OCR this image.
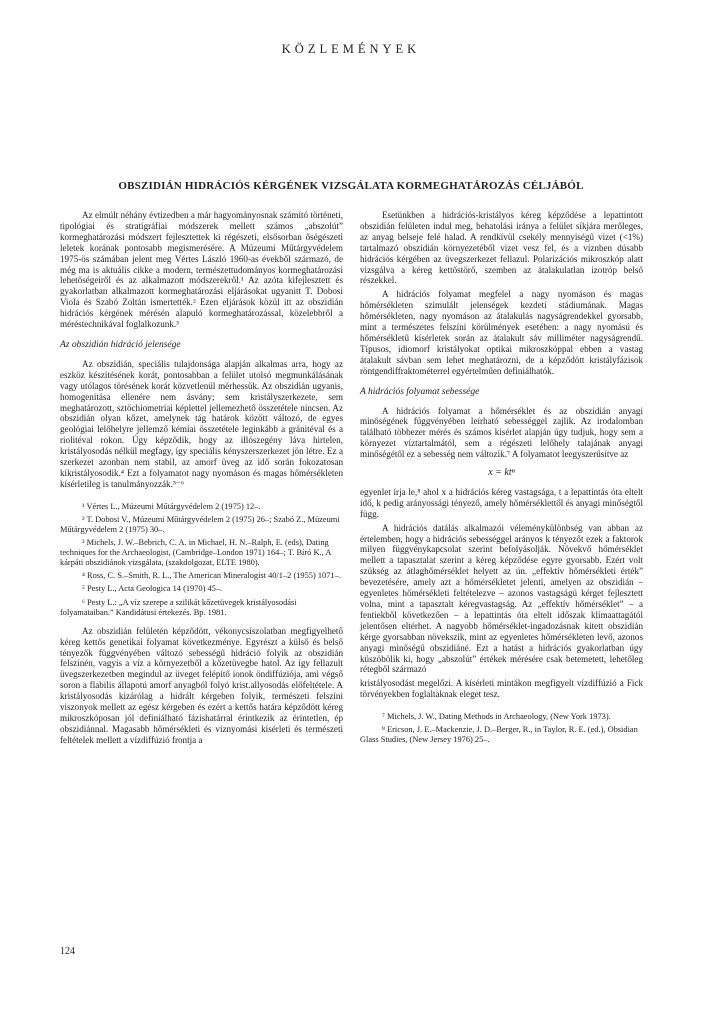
KÖZLEMÉNYEK
OBSZIDIÁN HIDRÁCIÓS KÉRGÉNEK VIZSGÁLATA KORMEGHATÁROZÁS CÉLJÁBÓL

Az elmúlt néhány évtizedben a már hagyományosnak számító történeti, tipológiai és stratigráfiai módszerek mellett számos „abszolút” kormeghatározási módszert fejlesztettek ki régészeti, elsősorban őségészeti leletek korának pontosabb megismerésére. A Múzeumi Műtárgyvédelem 1975-ös számában jelent meg Vértes László 1960-as évekből származó, de még ma is aktuális cikke a modern, természettudományos kormeghatározási lehetőségeiről és az alkalmazott módszerekről.¹ Az azóta kifejlesztett és gyakorlatban alkalmazott kormeghatározási eljárásokat ugyanitt T. Dobosi Viola és Szabó Zoltán ismertették.² Ezen eljárások közül itt az obszidián hidrációs kérgének mérésén alapuló kormeghatározással, közelebbről a méréstechnikával foglalkozunk.³

Az obszidián hidráció jelensége

Az obszidián, speciális tulajdonsága alapján alkalmas arra, hogy az eszköz készítésének korát, pontosabban a felület utolsó megmunkálásának vagy utólagos törésének korát közvetlenül mérhessük. Az obszidián ugyanis, homogenitása ellenére nem ásvány; sem kristályszerkezete, sem meghatározott, sztöchiometriai képlettel jellemezhető összetétele nincsen. Az obszidián olyan kőzet, amelynek tág határok között változó, de egyes geológiai lelőhelyre jellemző kémiai összetétele leginkább a gránitéval és a riolitéval rokon. Úgy képződik, hogy az illószegény láva hirtelen, kristályosodás nélkül megfagy, így speciális kényszerszerkezet jön létre. Ez a szerkezet azonban nem stabil, az amorf üveg az idő során fokozatosan kikristályosodik.⁴ Ezt a folyamatot nagy nyomáson és magas hőmérsékleten kísérletileg is tanulmányozzák.⁵⁻⁶

¹ Vértes L., Múzeumi Műtárgyvédelem 2 (1975) 12–.

² T. Dobosi V., Múzeumi Műtárgyvédelem 2 (1975) 26–; Szabó Z., Múzeumi Műtárgyvédelem 2 (1975) 30–.

³ Michels, J. W.–Bebrich, C. A. in Michael, H. N.–Ralph, E. (eds), Dating techniques for the Archaeologist, (Cambridge–London 1971) 164–; T. Bíró K., A kárpáti obszidiánok vizsgálata, (szakdolgozat, ELTE 1980).

⁴ Ross, C. S.–Smith, R. L., The American Mineralogist 40/1–2 (1955) 1071–.

⁵ Pesty L., Acta Geologica 14 (1970) 45–.

⁶ Pesty L.: „A víz szerepe a szilikát kőzetüvegek kristályosodási folyamataiban.” Kandidátusi értekezés. Bp. 1981.

Az obszidián felületén képződött, vékonycsíszolatban megfigyelhető kéreg kettős genetikai folyamat következménye. Egyrészt a külső és belső tényezők függvényében változó sebességű hidráció folyik az obszidián felszínén, vagyis a víz a környezetből a kőzetüvegbe hatol. Az így fellazult üvegszerkezetben megindul az üveget felépítő ionok öndiffúziója, ami végső soron a flabilis állapotú amorf anyagból folyó krist.allyosodás előfeltétele. A kristályosodás kizárólag a hidrált kérgeben folyik, természeti felszíni viszonyok mellett az egész kérgeben és ezért a kettős határa képződött kéreg mikroszkóposan jól definiálható fázishatárral érintkezik az érintetlen, ép obszidiánnal. Magasabb hőmérsékleti és víznyomási kísérleti és természeti feltételek mellett a vízdiffúzió frontja a

Esetünkben a hidrációs-kristályos kéreg képződése a lepattintott obszidián felületen indul meg, behatolási iránya a felület síkjára merőleges, az anyag belseje felé halad. A rendkívül csekély mennyiségű vizet (<1%) tartalmazó obszidián környezetéből vizet vesz fel, és a víznben dúsabb hidrációs kérgében az üvegszerkezet fellazul. Polarizációs mikroszkóp alatt vizsgálva a kéreg kettőstörő, szemben az átalakulatlan izotróp belső részekkel.

A hidrációs folyamat megfelel a nagy nyomáson és magas hőmérsékleten szimulált jelenségek kezdeti stádiumának. Magas hőmérsékleten, nagy nyomáson az átalakulás nagyságrendekkel gyorsabb, mint a természetes felszíni körülmények esetében: a nagy nyomású és hőmérsékletű kísérletek során az átalakult sáv milliméter nagyságrendű. Típusos, idiomorf kristályokat optikai mikroszkóppal ebben a vastag átalakult sávban sem lehet meghatározni, de a képződött kristályfázisok röntgendiffraktométerrel egyértelműen definiálhatók.

A hidrációs folyamat sebessége

A hidrációs folyamat a hőmérséklet és az obszidián anyagi minőségének függvényében leírható sebességgel zajlik. Az irodalomban található többezer mérés és számos kísérlet alapján úgy tudjuk, hogy sem a környezet víztartalmától, sem a régészeti lelőhely talajának anyagi minőségétől ez a sebesség nem változik.⁷ A folyamatot leegyszerűsítve az

x = ktⁿ

egyenlet írja le,⁸ ahol x a hidrációs kéreg vastagsága, t a lepattintás óta eltelt idő, k pedig arányossági tényező, amely hőmérséklettől és anyagi minőségtől függ.

A hidrációs datálás alkalmazói véleménykülönbség van abban az értelemben, hogy a hidrációs sebességgel arányos k tényezőt ezek a faktorok milyen függvénykapcsolat szerint befolyásolják. Növekvő hőmérséklet mellett a tapasztalat szerint a kéreg képződése egyre gyorsabb. Ezért volt szükség az átlaghőmérséklet helyett az ún. „effektív hőmérsékleti érték” bevezetésére, amely azt a hőmérsékletet jelenti, amelyen az obszidián – egyenletes hőmérsékleti feltételezve – azonos vastagságú kérget fejlesztett volna, mint a tapasztalt kéregvastagság. Az „effektív hőmérséklet” – a fentiekből következően – a lepattintás óta eltelt időszak klímaattagától jelentősen eltérhet. A nagyobb hőmérséklet-ingadozásnak kitett obszidián kérge gyorsabban növekszik, mint az egyenletes hőmérsékleten levő, azonos anyagi minőségű obszidiáné. Ezt a hatást a hidrációs gyakorlatban úgy küszöbölik ki, hogy „abszolút” értékek mérésére csak betemetett, lehetőleg rétegből származó

kristályosodást megelőzi. A kísérleti mintákon megfigyelt vízdiffúzió a Fick törvényekben foglaltaknak eleget tesz.

⁷ Michels, J. W., Dating Methods in Archaeology, (New York 1973).

⁸ Ericson, J. E.–Mackenzie, J. D.–Berger, R., in Taylor, R. E. (ed.), Obsidian Glass Studies, (New Jersey 1976) 25–.

124
